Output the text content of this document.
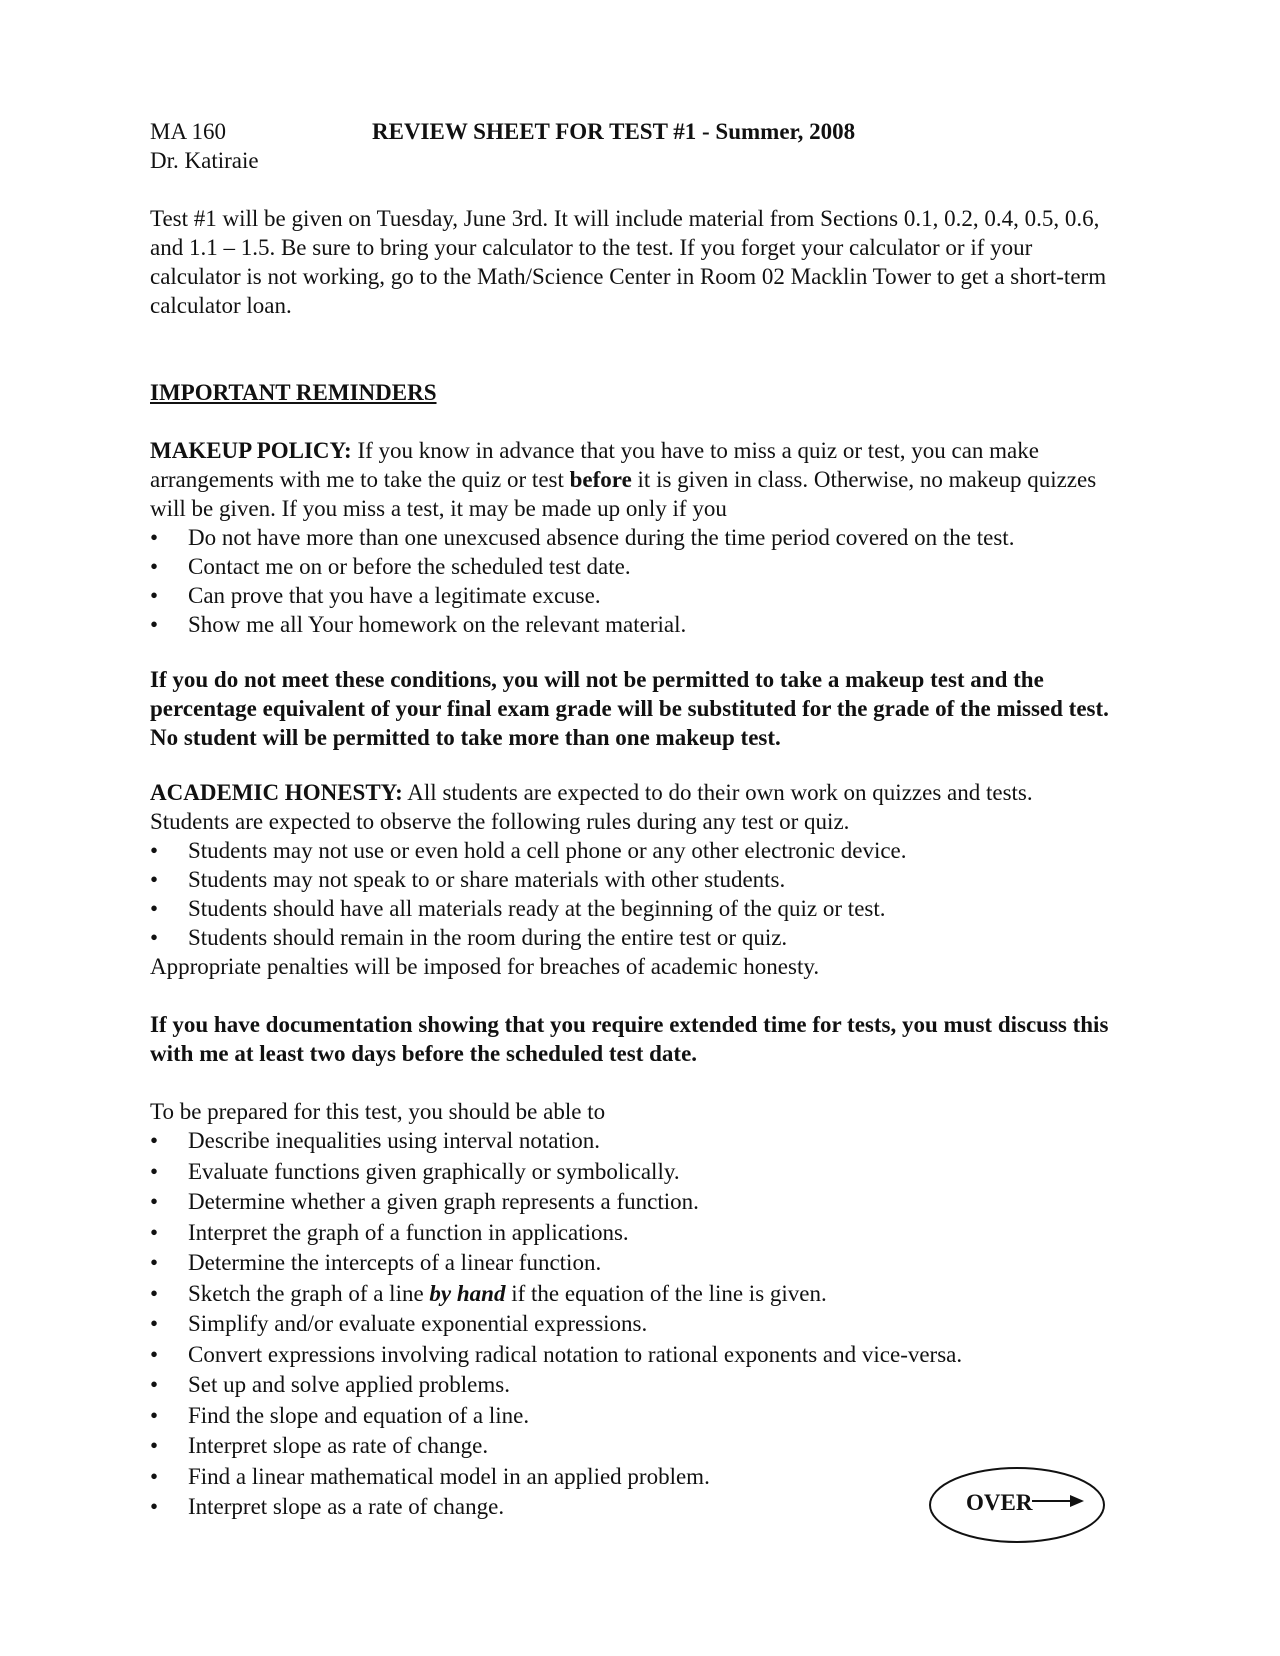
MA 160	REVIEW SHEET FOR TEST #1 - Summer, 2008
Dr. Katiraie

Test #1 will be given on Tuesday, June 3rd. It will include material from Sections 0.1, 0.2, 0.4, 0.5, 0.6, and 1.1 – 1.5. Be sure to bring your calculator to the test. If you forget your calculator or if your calculator is not working, go to the Math/Science Center in Room 02 Macklin Tower to get a short-term calculator loan.

IMPORTANT REMINDERS

MAKEUP POLICY: If you know in advance that you have to miss a quiz or test, you can make arrangements with me to take the quiz or test before it is given in class. Otherwise, no makeup quizzes will be given. If you miss a test, it may be made up only if you

• Do not have more than one unexcused absence during the time period covered on the test.
• Contact me on or before the scheduled test date.
• Can prove that you have a legitimate excuse.
• Show me all Your homework on the relevant material.

If you do not meet these conditions, you will not be permitted to take a makeup test and the percentage equivalent of your final exam grade will be substituted for the grade of the missed test. No student will be permitted to take more than one makeup test.

ACADEMIC HONESTY: All students are expected to do their own work on quizzes and tests. Students are expected to observe the following rules during any test or quiz.

• Students may not use or even hold a cell phone or any other electronic device.
• Students may not speak to or share materials with other students.
• Students should have all materials ready at the beginning of the quiz or test.
• Students should remain in the room during the entire test or quiz.

Appropriate penalties will be imposed for breaches of academic honesty.

If you have documentation showing that you require extended time for tests, you must discuss this with me at least two days before the scheduled test date.

To be prepared for this test, you should be able to

• Describe inequalities using interval notation.
• Evaluate functions given graphically or symbolically.
• Determine whether a given graph represents a function.
• Interpret the graph of a function in applications.
• Determine the intercepts of a linear function.
• Sketch the graph of a line by hand if the equation of the line is given.
• Simplify and/or evaluate exponential expressions.
• Convert expressions involving radical notation to rational exponents and vice-versa.
• Set up and solve applied problems.
• Find the slope and equation of a line.
• Interpret slope as rate of change.
• Find a linear mathematical model in an applied problem.
• Interpret slope as a rate of change.	OVER
